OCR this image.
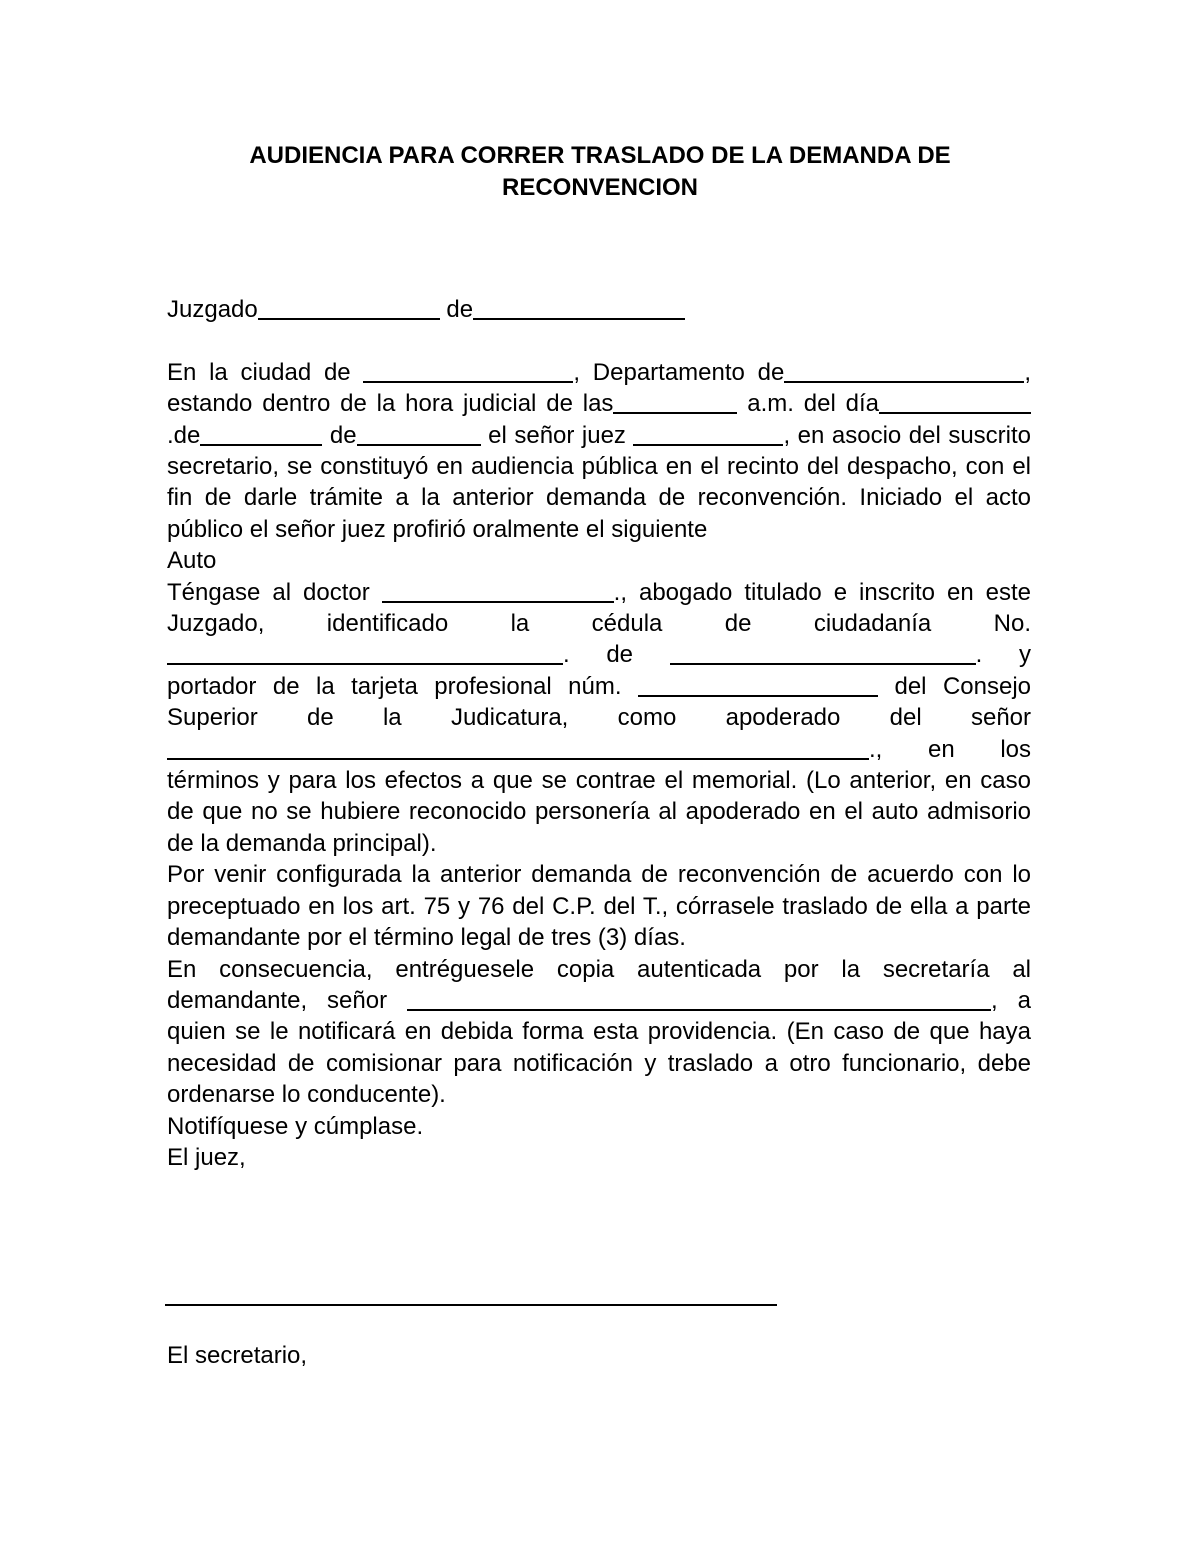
AUDIENCIA PARA CORRER TRASLADO DE LA DEMANDA DE
RECONVENCION

Juzgado	de

En la ciudad de	, Departamento de	, estando dentro de la hora judicial de las	a.m. del día.de	de	el señor juez	, en asocio del suscrito secretario, se constituyó en audiencia pública en el recinto del despacho, con el fin de darle trámite a la anterior demanda de reconvención. Iniciado el acto público el señor juez profirió oralmente el siguiente

Auto

Téngase al doctor	., abogado titulado e inscrito en este Juzgado, identificado la cédula de ciudadanía No. . de	. y portador de la tarjeta profesional núm.	del Consejo Superior de la Judicatura, como apoderado del señor ., en los términos y para los efectos a que se contrae el memorial. (Lo anterior, en caso de que no se hubiere reconocido personería al apoderado en el auto admisorio de la demanda principal).

Por venir configurada la anterior demanda de reconvención de acuerdo con lo preceptuado en los art. 75 y 76 del C.P. del T., córrasele traslado de ella a parte demandante por el término legal de tres (3) días.

En consecuencia, entréguesele copia autenticada por la secretaría al demandante, señor	, a quien se le notificará en debida forma esta providencia. (En caso de que haya necesidad de comisionar para notificación y traslado a otro funcionario, debe ordenarse lo conducente).

Notifíquese y cúmplase.

El juez,

El secretario,
